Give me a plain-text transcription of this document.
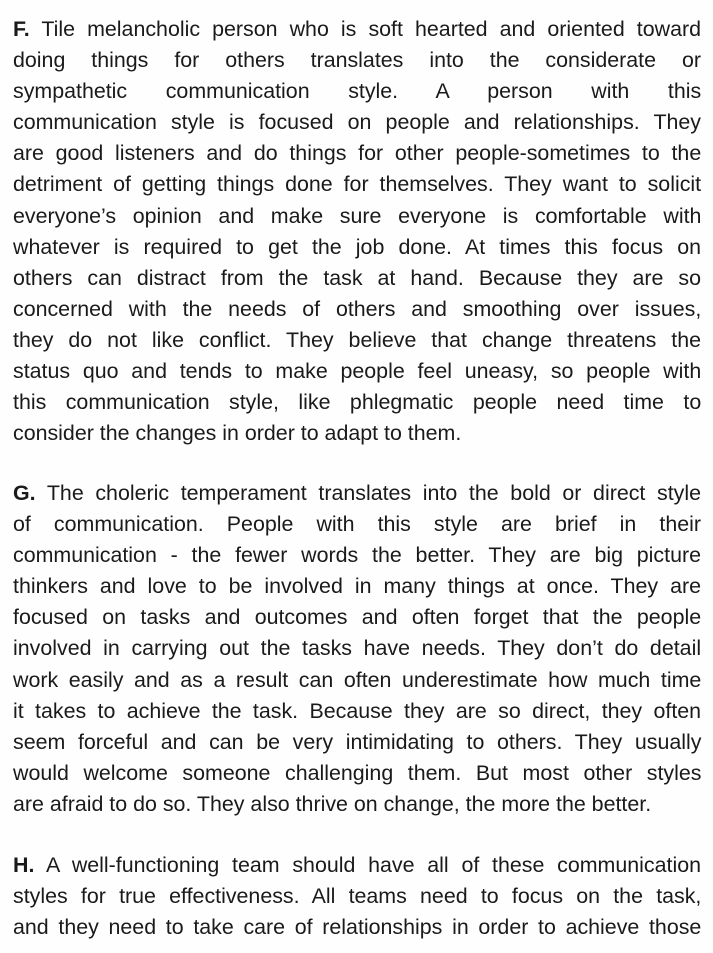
F. Tile melancholic person who is soft hearted and oriented toward
doing things for others translates into the considerate or
sympathetic communication style. A person with this
communication style is focused on people and relationships. They
are good listeners and do things for other people-sometimes to the
detriment of getting things done for themselves. They want to solicit
everyone’s opinion and make sure everyone is comfortable with
whatever is required to get the job done. At times this focus on
others can distract from the task at hand. Because they are so
concerned with the needs of others and smoothing over issues,
they do not like conflict. They believe that change threatens the
status quo and tends to make people feel uneasy, so people with
this communication style, like phlegmatic people need time to
consider the changes in order to adapt to them.
G. The choleric temperament translates into the bold or direct style
of communication. People with this style are brief in their
communication - the fewer words the better. They are big picture
thinkers and love to be involved in many things at once. They are
focused on tasks and outcomes and often forget that the people
involved in carrying out the tasks have needs. They don’t do detail
work easily and as a result can often underestimate how much time
it takes to achieve the task. Because they are so direct, they often
seem forceful and can be very intimidating to others. They usually
would welcome someone challenging them. But most other styles
are afraid to do so. They also thrive on change, the more the better.
H. A well-functioning team should have all of these communication
styles for true effectiveness. All teams need to focus on the task,
and they need to take care of relationships in order to achieve those
